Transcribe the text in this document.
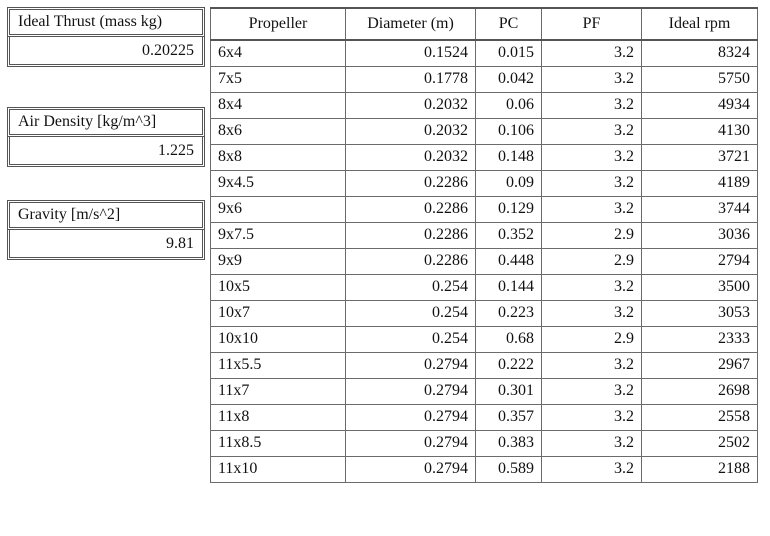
Ideal Thrust (mass kg)
0.20225
Air Density [kg/m^3]
1.225
Gravity [m/s^2]
9.81
Propeller	Diameter (m)	PC	PF	Ideal rpm
6x4	0.1524	0.015	3.2	8324
7x5	0.1778	0.042	3.2	5750
8x4	0.2032	0.06	3.2	4934
8x6	0.2032	0.106	3.2	4130
8x8	0.2032	0.148	3.2	3721
9x4.5	0.2286	0.09	3.2	4189
9x6	0.2286	0.129	3.2	3744
9x7.5	0.2286	0.352	2.9	3036
9x9	0.2286	0.448	2.9	2794
10x5	0.254	0.144	3.2	3500
10x7	0.254	0.223	3.2	3053
10x10	0.254	0.68	2.9	2333
11x5.5	0.2794	0.222	3.2	2967
11x7	0.2794	0.301	3.2	2698
11x8	0.2794	0.357	3.2	2558
11x8.5	0.2794	0.383	3.2	2502
11x10	0.2794	0.589	3.2	2188
